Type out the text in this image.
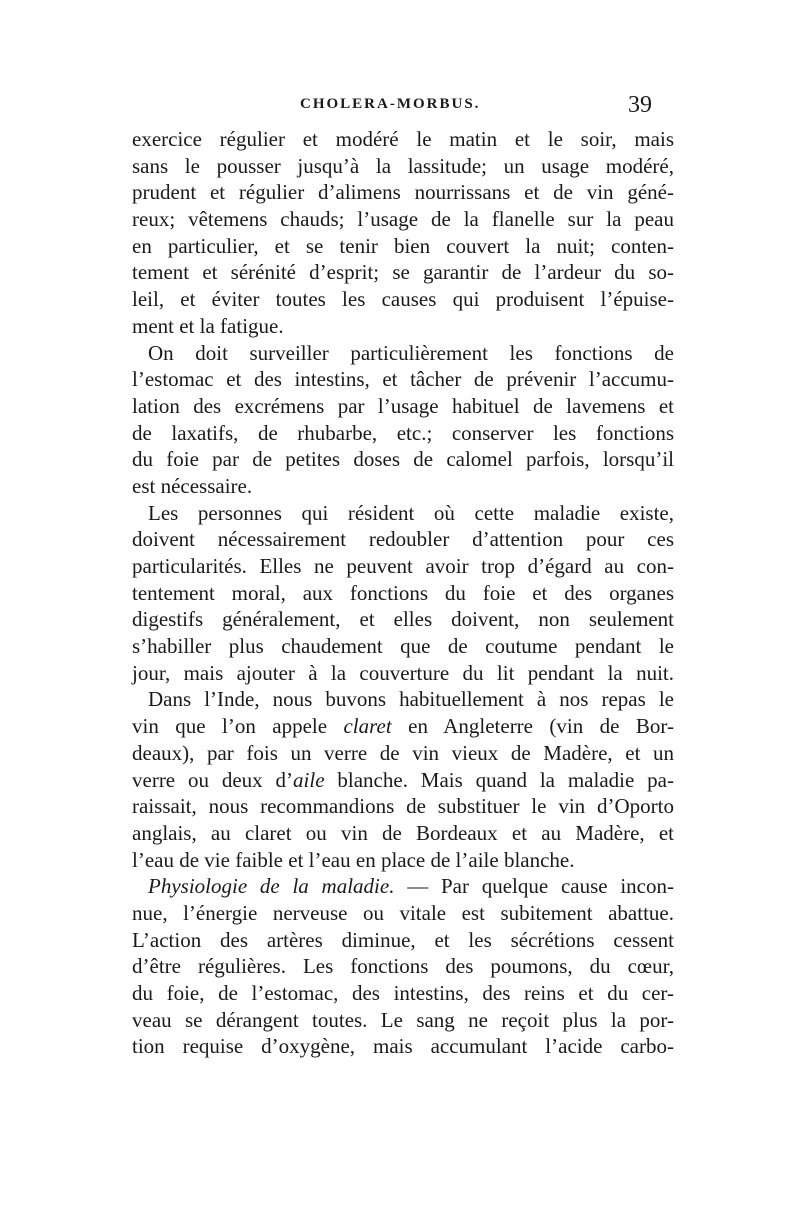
CHOLERA-MORBUS.	39
exercice régulier et modéré le matin et le soir, mais
sans le pousser jusqu’à la lassitude; un usage modéré,
prudent et régulier d’alimens nourrissans et de vin géné-
reux; vêtemens chauds; l’usage de la flanelle sur la peau
en particulier, et se tenir bien couvert la nuit; conten-
tement et sérénité d’esprit; se garantir de l’ardeur du so-
leil, et éviter toutes les causes qui produisent l’épuise-
ment et la fatigue.
On doit surveiller particulièrement les fonctions de
l’estomac et des intestins, et tâcher de prévenir l’accumu-
lation des excrémens par l’usage habituel de lavemens et
de laxatifs, de rhubarbe, etc.; conserver les fonctions
du foie par de petites doses de calomel parfois, lorsqu’il
est nécessaire.
Les personnes qui résident où cette maladie existe,
doivent nécessairement redoubler d’attention pour ces
particularités. Elles ne peuvent avoir trop d’égard au con-
tentement moral, aux fonctions du foie et des organes
digestifs généralement, et elles doivent, non seulement
s’habiller plus chaudement que de coutume pendant le
jour, mais ajouter à la couverture du lit pendant la nuit.
Dans l’Inde, nous buvons habituellement à nos repas le
vin que l’on appele claret en Angleterre (vin de Bor-
deaux), par fois un verre de vin vieux de Madère, et un
verre ou deux d’aile blanche. Mais quand la maladie pa-
raissait, nous recommandions de substituer le vin d’Oporto
anglais, au claret ou vin de Bordeaux et au Madère, et
l’eau de vie faible et l’eau en place de l’aile blanche.
Physiologie de la maladie. — Par quelque cause incon-
nue, l’énergie nerveuse ou vitale est subitement abattue.
L’action des artères diminue, et les sécrétions cessent
d’être régulières. Les fonctions des poumons, du cœur,
du foie, de l’estomac, des intestins, des reins et du cer-
veau se dérangent toutes. Le sang ne reçoit plus la por-
tion requise d’oxygène, mais accumulant l’acide carbo-
